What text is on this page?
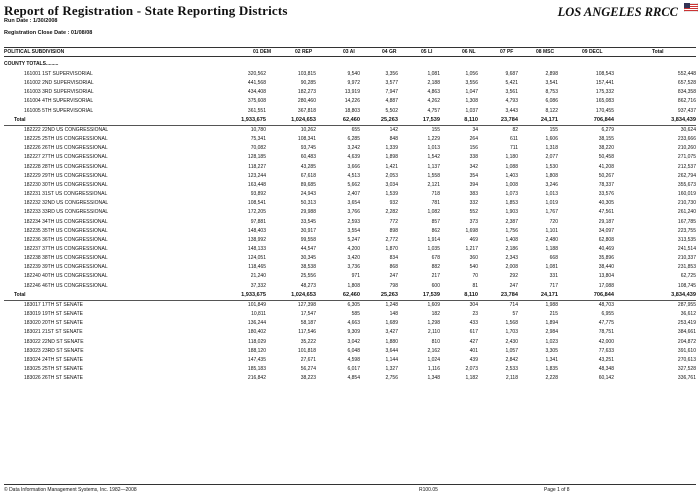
Report of Registration - State Reporting Districts
Run Date : 1/30/2008
Registration Close Date : 01/08/08
LOS ANGELES RRCC
POLITICAL SUBDIVISION	01 DEM	02 REP	03 AI	04 GR	05 LI	06 NL	07 PF	08 MSC	09 DECL	Total
COUNTY TOTALS.........
161001 1ST SUPERVISORIAL	320,562	103,815	9,540	3,356	1,081	1,056	9,687	2,898	108,543	552,448
161002 2ND SUPERVISORIAL	441,568	90,285	9,972	3,577	2,188	3,556	5,421	3,541	157,441	657,528
161003 3RD SUPERVISORIAL	434,408	182,273	13,919	7,947	4,863	1,047	3,561	8,753	175,332	834,358
161004 4TH SUPERVISORIAL	375,608	280,460	14,226	4,887	4,262	1,308	4,793	6,086	165,083	862,716
161005 5TH SUPERVISORIAL	361,551	367,818	18,803	5,502	4,757	1,037	3,443	8,122	170,455	937,437
Total	1,933,675	1,024,653	62,460	25,263	17,539	8,110	23,784	24,171	706,844	3,834,439
182222 22ND US CONGRESSIONAL	10,780	10,262	655	142	155	34	82	155	6,279	30,624
182225 25TH US CONGRESSIONAL	75,341	108,341	6,285	848	1,229	264	611	1,606	38,155	233,666
182226 26TH US CONGRESSIONAL	70,082	93,745	3,242	1,339	1,013	156	711	1,318	38,220	210,260
182227 27TH US CONGRESSIONAL	128,185	60,483	4,639	1,898	1,542	338	1,180	2,077	50,458	271,075
182228 28TH US CONGRESSIONAL	118,227	43,285	3,666	1,421	1,137	342	1,088	1,530	41,208	212,537
182229 29TH US CONGRESSIONAL	123,244	67,618	4,513	2,053	1,558	354	1,403	1,808	50,267	262,794
182230 30TH US CONGRESSIONAL	163,448	89,685	5,662	3,034	2,121	394	1,008	3,246	78,337	355,673
182231 31ST US CONGRESSIONAL	93,892	24,943	2,407	1,539	718	383	1,073	1,013	33,576	160,019
182232 32ND US CONGRESSIONAL	108,541	50,313	3,654	932	781	332	1,853	1,019	40,305	210,730
182233 33RD US CONGRESSIONAL	172,205	29,988	3,766	2,282	1,082	552	1,903	1,767	47,561	261,240
182234 34TH US CONGRESSIONAL	97,881	33,545	2,593	772	857	373	2,387	720	29,187	167,785
182235 35TH US CONGRESSIONAL	148,403	30,917	3,554	898	862	1,698	1,756	1,101	34,097	223,755
182236 36TH US CONGRESSIONAL	138,992	99,558	5,247	2,772	1,914	469	1,408	2,480	62,808	313,535
182237 37TH US CONGRESSIONAL	148,133	44,547	4,200	1,870	1,035	1,217	2,186	1,188	40,469	241,514
182238 38TH US CONGRESSIONAL	124,051	30,345	3,420	834	678	360	2,343	668	35,896	210,337
182239 39TH US CONGRESSIONAL	118,465	38,538	3,736	868	882	540	2,008	1,081	38,440	231,853
182240 40TH US CONGRESSIONAL	21,240	25,556	971	247	217	70	292	331	13,804	62,725
182246 46TH US CONGRESSIONAL	37,332	48,273	1,808	798	600	81	247	717	17,088	108,745
Total	1,933,675	1,024,653	62,460	25,263	17,539	8,110	23,784	24,171	706,844	3,834,439
183017 17TH ST SENATE	101,849	127,398	6,305	1,248	1,609	304	714	1,988	48,703	287,955
183019 19TH ST SENATE	10,811	17,547	585	148	182	23	57	215	6,955	36,612
183020 20TH ST SENATE	136,244	58,187	4,663	1,689	1,298	433	1,568	1,894	47,775	253,419
183021 21ST ST SENATE	180,402	117,546	9,309	3,427	2,110	617	1,703	2,984	78,751	384,661
183022 22ND ST SENATE	118,029	35,222	3,042	1,880	810	427	2,430	1,023	42,000	204,872
183023 23RD ST SENATE	188,120	101,818	6,048	3,644	2,162	401	1,057	3,305	77,633	391,610
183024 24TH ST SENATE	147,435	27,671	4,598	1,144	1,024	439	2,842	1,341	43,251	270,613
183025 25TH ST SENATE	185,183	56,274	6,017	1,327	1,116	2,073	2,533	1,835	48,348	327,528
183026 26TH ST SENATE	216,842	38,223	4,854	2,756	1,348	1,182	2,118	2,228	60,142	336,761
© Data Information Management Systems, Inc. 1982—2008	R100.05	Page 1 of 8
